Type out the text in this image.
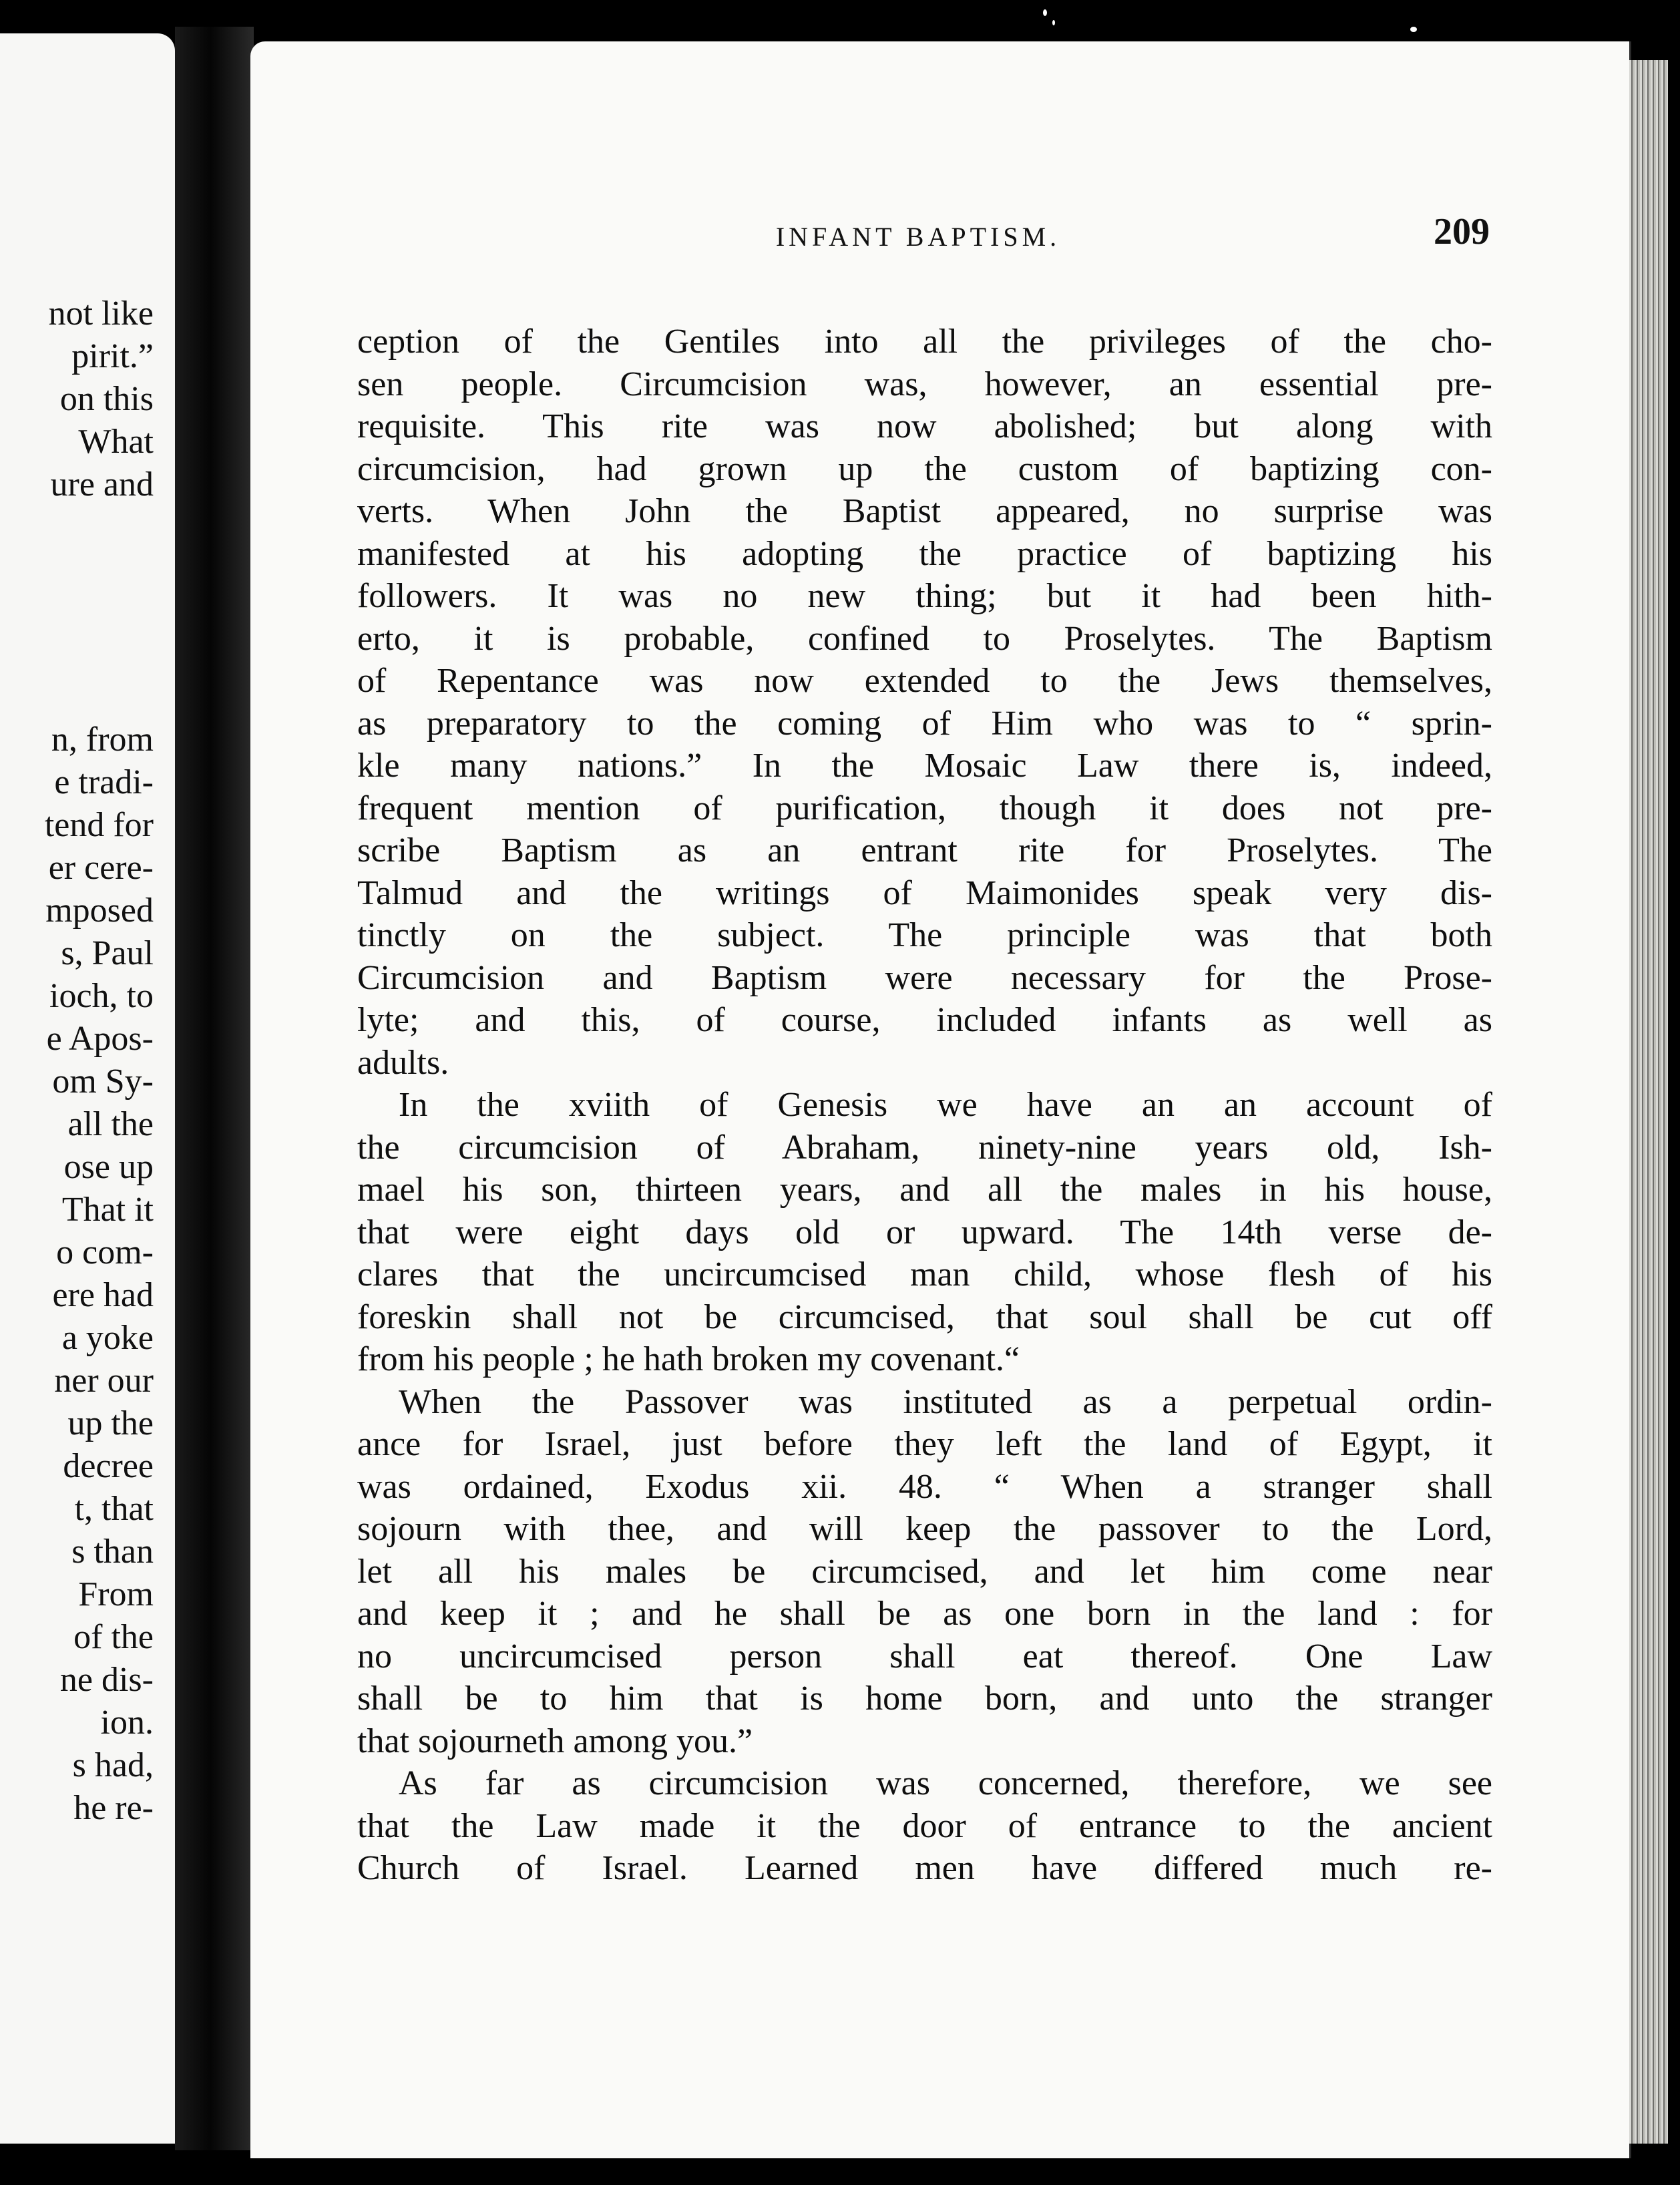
not like
pirit.”
on this
What
ure and
n, from
e tradi-
tend for
er cere-
mposed
s, Paul
ioch, to
e Apos-
om Sy-
all the
ose up
That it
o com-
ere had
a yoke
ner our
up the
decree
t, that
s than
From
of the
ne dis-
ion.
s had,
he re-
INFANT BAPTISM.	209
ception of the Gentiles into all the privileges of the cho-
sen people. Circumcision was, however, an essential pre-
requisite. This rite was now abolished; but along with
circumcision, had grown up the custom of baptizing con-
verts. When John the Baptist appeared, no surprise was
manifested at his adopting the practice of baptizing his
followers. It was no new thing; but it had been hith-
erto, it is probable, confined to Proselytes. The Baptism
of Repentance was now extended to the Jews themselves,
as preparatory to the coming of Him who was to “ sprin-
kle many nations.” In the Mosaic Law there is, indeed,
frequent mention of purification, though it does not pre-
scribe Baptism as an entrant rite for Proselytes. The
Talmud and the writings of Maimonides speak very dis-
tinctly on the subject. The principle was that both
Circumcision and Baptism were necessary for the Prose-
lyte; and this, of course, included infants as well as
adults.
In the xviith of Genesis we have an an account of
the circumcision of Abraham, ninety-nine years old, Ish-
mael his son, thirteen years, and all the males in his house,
that were eight days old or upward. The 14th verse de-
clares that the uncircumcised man child, whose flesh of his
foreskin shall not be circumcised, that soul shall be cut off
from his people ; he hath broken my covenant.“
When the Passover was instituted as a perpetual ordin-
ance for Israel, just before they left the land of Egypt, it
was ordained, Exodus xii. 48. “ When a stranger shall
sojourn with thee, and will keep the passover to the Lord,
let all his males be circumcised, and let him come near
and keep it ; and he shall be as one born in the land : for
no uncircumcised person shall eat thereof. One Law
shall be to him that is home born, and unto the stranger
that sojourneth among you.”
As far as circumcision was concerned, therefore, we see
that the Law made it the door of entrance to the ancient
Church of Israel. Learned men have differed much re-
